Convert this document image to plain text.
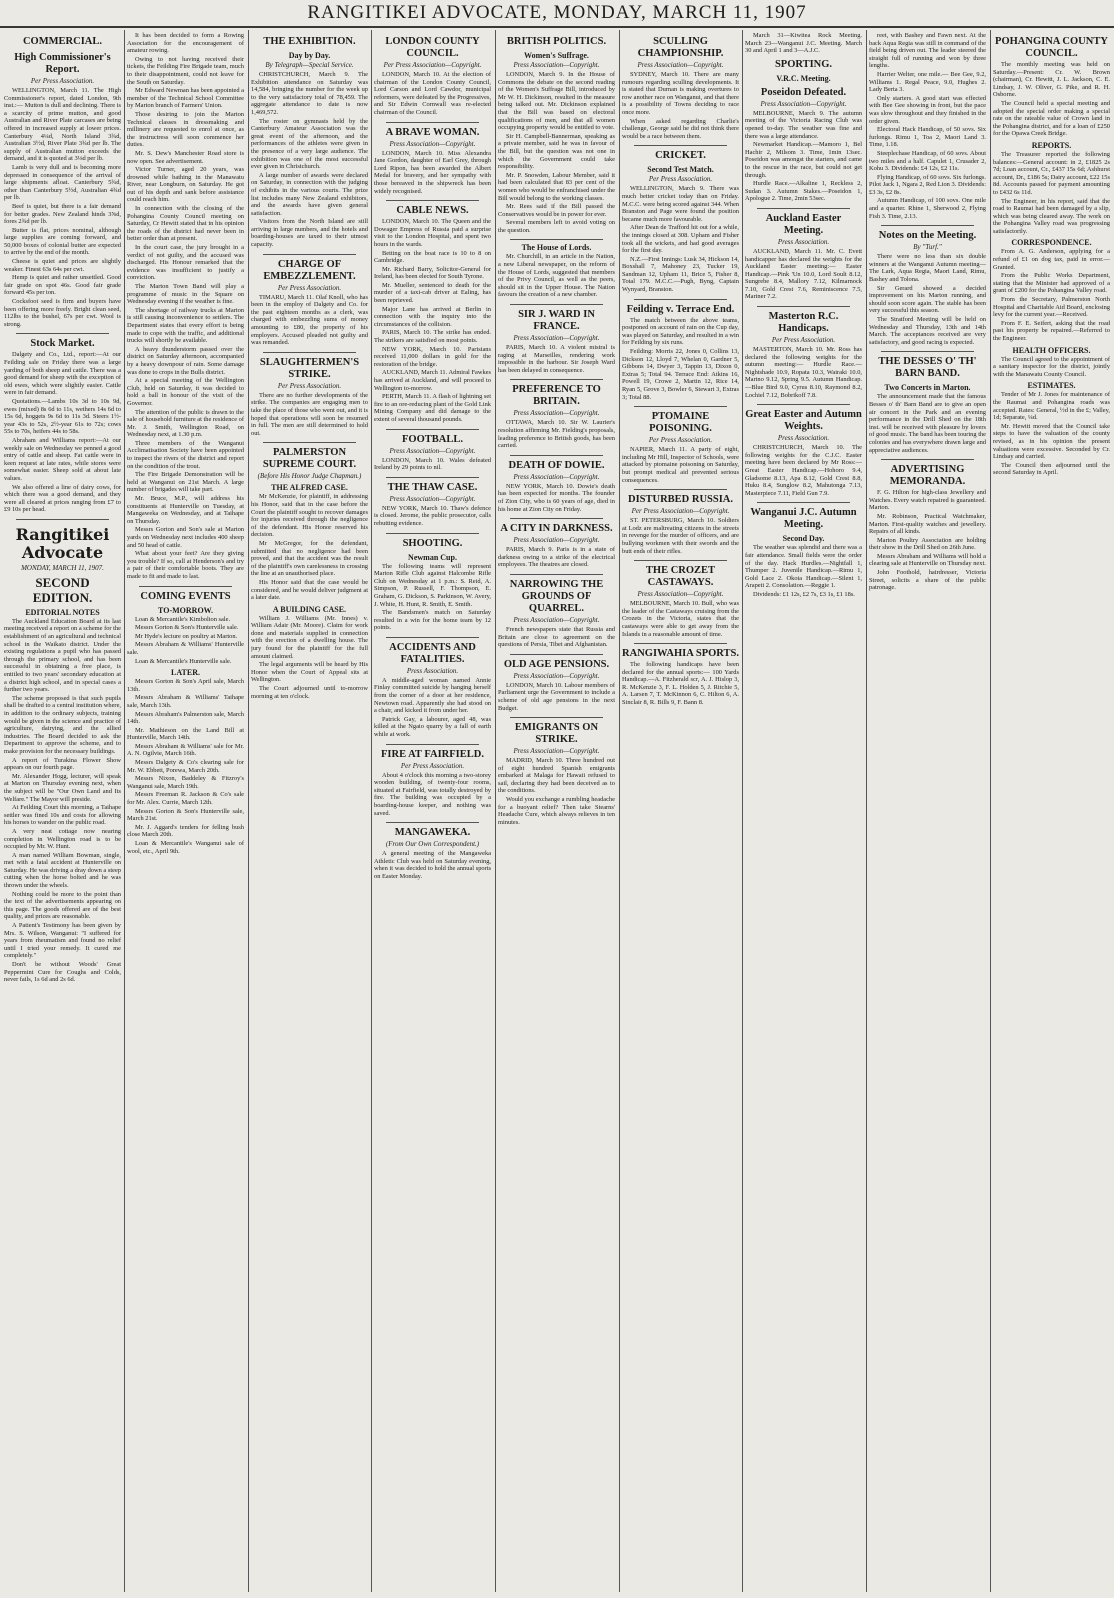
RANGITIKEI ADVOCATE, MONDAY, MARCH 11, 1907
COMMERCIAL.
High Commissioner's Report.
Per Press Association.
WELLINGTON, March 11. The High Commissioner's report, dated London, 9th inst.:— Mutton is dull and declining. There is a scarcity of prime mutton, and good Australian and River Plate carcases are being offered in increased supply at lower prices. Canterbury 4¼d, North Island 3¾d, Australian 3½d, River Plate 3¾d per lb. The supply of Australian mutton exceeds the demand, and it is quoted at 3⅛d per lb.
Lamb is very dull and is becoming more depressed in consequence of the arrival of large shipments afloat. Canterbury 5¾d, other than Canterbury 5½d, Australian 4¾d per lb.
Beef is quiet, but there is a fair demand for better grades. New Zealand hinds 3⅝d, fores 2¾d per lb.
Butter is flat, prices nominal, although large supplies are coming forward, and 50,000 boxes of colonial butter are expected to arrive by the end of the month.
Cheese is quiet and prices are slightly weaker. Finest 63s 64s per cwt.
Hemp is quiet and rather unsettled. Good fair grade on spot 46s. Good fair grade forward 45s per ton.
Cocksfoot seed is firm and buyers have been offering more freely. Bright clean seed, 112lbs to the bushel, 67s per cwt. Wool is strong.
Stock Market.
Dalgety and Co., Ltd., report:—At our Feilding sale on Friday there was a large yarding of both sheep and cattle. There was a good demand for sheep with the exception of old ewes, which were slightly easier. Cattle were in fair demand.
Quotations.—Lambs 10s 3d to 10s 9d, ewes (mixed) 8s 6d to 11s, wethers 14s 6d to 15s 6d, hoggets 9s 6d to 11s 3d. Steers 1½-year 43s to 52s, 2½-year 61s to 72s; cows 55s to 70s, heifers 44s to 58s.
Abraham and Williams report:—At our weekly sale on Wednesday we penned a good entry of cattle and sheep. Fat cattle were in keen request at late rates, while stores were somewhat easier. Sheep sold at about late values.
We also offered a line of dairy cows, for which there was a good demand, and they were all cleared at prices ranging from £7 to £9 10s per head.
Rangitikei Advocate
MONDAY, MARCH 11, 1907.
SECOND EDITION.
EDITORIAL NOTES
The Auckland Education Board at its last meeting received a report on a scheme for the establishment of an agricultural and technical school in the Waikato district. Under the existing regulations a pupil who has passed through the primary school, and has been successful in obtaining a free place, is entitled to two years' secondary education at a district high school, and in special cases a further two years.
The scheme proposed is that such pupils shall be drafted to a central institution where, in addition to the ordinary subjects, training would be given in the science and practice of agriculture, dairying, and the allied industries. The Board decided to ask the Department to approve the scheme, and to make provision for the necessary buildings.
A report of Turakina Flower Show appears on our fourth page.
Mr. Alexander Hogg, lecturer, will speak at Marton on Thursday evening next, when the subject will be "Our Own Land and Its Welfare." The Mayor will preside.
At Feilding Court this morning, a Taihape settler was fined 10s and costs for allowing his horses to wander on the public road.
A very neat cottage now nearing completion in Wellington road is to be occupied by Mr. W. Hunt.
A man named William Bowman, single, met with a fatal accident at Hunterville on Saturday. He was driving a dray down a steep cutting when the horse bolted and he was thrown under the wheels.
Nothing could be more to the point than the text of the advertisements appearing on this page. The goods offered are of the best quality, and prices are reasonable.
A Patient's Testimony has been given by Mrs. S. Wilson, Wanganui: "I suffered for years from rheumatism and found no relief until I tried your remedy. It cured me completely."
Don't be without Woods' Great Peppermint Cure for Coughs and Colds, never fails, 1s 6d and 2s 6d.
It has been decided to form a Rowing Association for the encouragement of amateur rowing.
Owing to not having received their tickets, the Feilding Fire Brigade team, much to their disappointment, could not leave for the South on Saturday.
Mr Edward Newman has been appointed a member of the Technical School Committee by Marton branch of Farmers' Union.
Those desiring to join the Marton Technical classes in dressmaking and millinery are requested to enrol at once, as the instructress will soon commence her duties.
Mr. S. Dew's Manchester Road store is now open. See advertisement.
Victor Turner, aged 20 years, was drowned while bathing in the Manawatu River, near Longburn, on Saturday. He got out of his depth and sank before assistance could reach him.
In connection with the closing of the Pohangina County Council meeting on Saturday, Cr Hewitt stated that in his opinion the roads of the district had never been in better order than at present.
In the court case, the jury brought in a verdict of not guilty, and the accused was discharged. His Honour remarked that the evidence was insufficient to justify a conviction.
The Marton Town Band will play a programme of music in the Square on Wednesday evening if the weather is fine.
The shortage of railway trucks at Marton is still causing inconvenience to settlers. The Department states that every effort is being made to cope with the traffic, and additional trucks will shortly be available.
A heavy thunderstorm passed over the district on Saturday afternoon, accompanied by a heavy downpour of rain. Some damage was done to crops in the Bulls district.
At a special meeting of the Wellington Club, held on Saturday, it was decided to hold a ball in honour of the visit of the Governor.
The attention of the public is drawn to the sale of household furniture at the residence of Mr. J. Smith, Wellington Road, on Wednesday next, at 1.30 p.m.
Three members of the Wanganui Acclimatisation Society have been appointed to inspect the rivers of the district and report on the condition of the trout.
The Fire Brigade Demonstration will be held at Wanganui on 21st March. A large number of brigades will take part.
Mr. Bruce, M.P., will address his constituents at Hunterville on Tuesday, at Mangaweka on Wednesday, and at Taihape on Thursday.
Messrs Gorton and Son's sale at Marton yards on Wednesday next includes 400 sheep and 50 head of cattle.
What about your feet? Are they giving you trouble? If so, call at Henderson's and try a pair of their comfortable boots. They are made to fit and made to last.
COMING EVENTS
TO-MORROW.
Loan & Mercantile's Kimbolton sale.
Messrs Gorton & Son's Hunterville sale.
Mr Hyde's lecture on poultry at Marton.
Messrs Abraham & Williams' Hunterville sale.
Loan & Mercantile's Hunterville sale.
LATER.
Messrs Gorton & Son's April sale, March 13th.
Messrs Abraham & Williams' Taihape sale, March 13th.
Messrs Abraham's Palmerston sale, March 14th.
Mr. Mathieson on the Land Bill at Hunterville, March 14th.
Messrs Abraham & Williams' sale for Mr. A. N. Ogilvie, March 16th.
Messrs Dalgety & Co's clearing sale for Mr. W. Ebbett, Porewa, March 20th.
Messrs Nixon, Baddeley & Fitzroy's Wanganui sale, March 19th.
Messrs Freeman R. Jackson & Co's sale for Mr. Alex. Currie, March 12th.
Messrs Gorton & Son's Hunterville sale, March 21st.
Mr. J. Aggard's tenders for felling bush close March 20th.
Loan & Mercantile's Wanganui sale of wool, etc., April 9th.
THE EXHIBITION.
Day by Day.
By Telegraph—Special Service.
CHRISTCHURCH, March 9. The Exhibition attendance on Saturday was 14,584, bringing the number for the week up to the very satisfactory total of 78,459. The aggregate attendance to date is now 1,469,572.
The roster on gymnasts held by the Canterbury Amateur Association was the great event of the afternoon, and the performances of the athletes were given in the presence of a very large audience. The exhibition was one of the most successful ever given in Christchurch.
A large number of awards were declared on Saturday, in connection with the judging of exhibits in the various courts. The prize list includes many New Zealand exhibitors, and the awards have given general satisfaction.
Visitors from the North Island are still arriving in large numbers, and the hotels and boarding-houses are taxed to their utmost capacity.
CHARGE OF EMBEZZLEMENT.
Per Press Association.
TIMARU, March 11. Olaf Knoll, who has been in the employ of Dalgety and Co. for the past eighteen months as a clerk, was charged with embezzling sums of money amounting to £80, the property of his employers. Accused pleaded not guilty and was remanded.
SLAUGHTERMEN'S STRIKE.
Per Press Association.
There are no further developments of the strike. The companies are engaging men to take the place of those who went out, and it is hoped that operations will soon be resumed in full. The men are still determined to hold out.
PALMERSTON SUPREME COURT.
(Before His Honor Judge Chapman.)
THE ALFRED CASE.
Mr McKenzie, for plaintiff, in addressing his Honor, said that in the case before the Court the plaintiff sought to recover damages for injuries received through the negligence of the defendant. His Honor reserved his decision.
Mr McGregor, for the defendant, submitted that no negligence had been proved, and that the accident was the result of the plaintiff's own carelessness in crossing the line at an unauthorised place.
His Honor said that the case would be considered, and he would deliver judgment at a later date.
A BUILDING CASE.
William J. Williams (Mr. Innes) v. William Adair (Mr. Moore). Claim for work done and materials supplied in connection with the erection of a dwelling house. The jury found for the plaintiff for the full amount claimed.
The legal arguments will be heard by His Honor when the Court of Appeal sits at Wellington.
The Court adjourned until to-morrow morning at ten o'clock.
LONDON COUNTY COUNCIL.
Per Press Association—Copyright.
LONDON, March 10. At the election of chairman of the London County Council, Lord Carson and Lord Cawdor, municipal reformers, were defeated by the Progressives, and Sir Edwin Cornwall was re-elected chairman of the Council.
A BRAVE WOMAN.
Press Association—Copyright.
LONDON, March 10. Miss Alexandra Jane Gordon, daughter of Earl Grey, through Lord Ripon, has been awarded the Albert Medal for bravery, and her sympathy with those bereaved in the shipwreck has been widely recognised.
CABLE NEWS.
LONDON, March 10. The Queen and the Dowager Empress of Russia paid a surprise visit to the London Hospital, and spent two hours in the wards.
Betting on the boat race is 10 to 8 on Cambridge.
Mr. Richard Barry, Solicitor-General for Ireland, has been elected for South Tyrone.
Mr. Mueller, sentenced to death for the murder of a taxi-cab driver at Ealing, has been reprieved.
Major Lane has arrived at Berlin in connection with the inquiry into the circumstances of the collision.
PARIS, March 10. The strike has ended. The strikers are satisfied on most points.
NEW YORK, March 10. Parisians received 11,000 dollars in gold for the restoration of the bridge.
AUCKLAND, March 11. Admiral Fawkes has arrived at Auckland, and will proceed to Wellington to-morrow.
PERTH, March 11. A flash of lightning set fire to an ore-reducing plant of the Gold Link Mining Company and did damage to the extent of several thousand pounds.
FOOTBALL.
Press Association—Copyright.
LONDON, March 10. Wales defeated Ireland by 29 points to nil.
THE THAW CASE.
Press Association—Copyright.
NEW YORK, March 10. Thaw's defence is closed. Jerome, the public prosecutor, calls rebutting evidence.
SHOOTING.
Newman Cup.
The following teams will represent Marton Rifle Club against Halcombe Rifle Club on Wednesday at 1 p.m.: S. Reid, A. Simpson, P. Russell, F. Thompson, E. Graham, G. Dickson, S. Parkinson, W. Avery, J. White, H. Hunt, R. Smith, E. Smith.
The Bandsmen's match on Saturday resulted in a win for the home team by 12 points.
ACCIDENTS AND FATALITIES.
Press Association.
A middle-aged woman named Annie Finlay committed suicide by hanging herself from the corner of a door at her residence, Newtown road. Apparently she had stood on a chair, and kicked it from under her.
Patrick Gay, a labourer, aged 48, was killed at the Ngaio quarry by a fall of earth while at work.
FIRE AT FAIRFIELD.
Per Press Association.
About 4 o'clock this morning a two-storey wooden building, of twenty-four rooms, situated at Fairfield, was totally destroyed by fire. The building was occupied by a boarding-house keeper, and nothing was saved.
MANGAWEKA.
(From Our Own Correspondent.)
A general meeting of the Mangaweka Athletic Club was held on Saturday evening, when it was decided to hold the annual sports on Easter Monday.
BRITISH POLITICS.
Women's Suffrage.
Press Association—Copyright.
LONDON, March 9. In the House of Commons the debate on the second reading of the Women's Suffrage Bill, introduced by Mr W. H. Dickinson, resulted in the measure being talked out. Mr. Dickinson explained that the Bill was based on electoral qualifications of men, and that all women occupying property would be entitled to vote.
Sir H. Campbell-Bannerman, speaking as a private member, said he was in favour of the Bill, but the question was not one in which the Government could take responsibility.
Mr. P. Snowden, Labour Member, said it had been calculated that 83 per cent of the women who would be enfranchised under the Bill would belong to the working classes.
Mr. Rees said if the Bill passed the Conservatives would be in power for ever.
Several members left to avoid voting on the question.
The House of Lords.
Mr. Churchill, in an article in the Nation, a new Liberal newspaper, on the reform of the House of Lords, suggested that members of the Privy Council, as well as the peers, should sit in the Upper House. The Nation favours the creation of a new chamber.
SIR J. WARD IN FRANCE.
Press Association—Copyright.
PARIS, March 10. A violent mistral is raging at Marseilles, rendering work impossible in the harbour. Sir Joseph Ward has been delayed in consequence.
PREFERENCE TO BRITAIN.
Press Association—Copyright.
OTTAWA, March 10. Sir W. Laurier's resolution affirming Mr. Fielding's proposals, leading preference to British goods, has been carried.
DEATH OF DOWIE.
Press Association—Copyright.
NEW YORK, March 10. Dowie's death has been expected for months. The founder of Zion City, who is 60 years of age, died in his home at Zion City on Friday.
A CITY IN DARKNESS.
Press Association—Copyright.
PARIS, March 9. Paris is in a state of darkness owing to a strike of the electrical employees. The theatres are closed.
NARROWING THE GROUNDS OF QUARREL.
Press Association—Copyright.
French newspapers state that Russia and Britain are close to agreement on the questions of Persia, Tibet and Afghanistan.
OLD AGE PENSIONS.
Press Association—Copyright.
LONDON, March 10. Labour members of Parliament urge the Government to include a scheme of old age pensions in the next Budget.
EMIGRANTS ON STRIKE.
Press Association—Copyright.
MADRID, March 10. Three hundred out of eight hundred Spanish emigrants embarked at Malaga for Hawaii refused to sail, declaring they had been deceived as to the conditions.
Would you exchange a rumbling headache for a buoyant relief? Then take Stearns' Headache Cure, which always relieves in ten minutes.
SCULLING CHAMPIONSHIP.
Press Association—Copyright.
SYDNEY, March 10. There are many rumours regarding sculling developments. It is stated that Durnan is making overtures to row another race on Wanganui, and that there is a possibility of Towns deciding to race once more.
When asked regarding Charlie's challenge, George said he did not think there would be a race between them.
CRICKET.
Second Test Match.
Per Press Association.
WELLINGTON, March 9. There was much better cricket today than on Friday. M.C.C. were being scored against 344. When Branston and Page were found the position became much more favourable.
After Dean de Trafford hit out for a while, the innings closed at 308. Upham and Fisher took all the wickets, and had good averages for the first day.
N.Z.—First Innings: Lusk 34, Hickson 14, Boxshall 7, Mahoney 23, Tucker 19, Sandman 12, Upham 11, Brice 5, Fisher 8, Total 179. M.C.C.—Pugh, Byng, Captain Wynyard, Branston.
Feilding v. Terrace End.
The match between the above teams, postponed on account of rain on the Cup day, was played on Saturday, and resulted in a win for Feilding by six runs.
Feilding: Morris 22, Jones 0, Collins 13, Dickson 12, Lloyd 7, Whelan 0, Gardner 5, Gibbons 14, Dwyer 3, Tappin 13, Dixon 0, Extras 5; Total 94. Terrace End: Atkins 16, Powell 19, Crowe 2, Martin 12, Rice 14, Ryan 5, Grove 3, Bowler 6, Stewart 3, Extras 3; Total 88.
PTOMAINE POISONING.
Per Press Association.
NAPIER, March 11. A party of eight, including Mr Hill, Inspector of Schools, were attacked by ptomaine poisoning on Saturday, but prompt medical aid prevented serious consequences.
DISTURBED RUSSIA.
Per Press Association—Copyright.
ST. PETERSBURG, March 10. Soldiers at Lodz are maltreating citizens in the streets in revenge for the murder of officers, and are bullying workmen with their swords and the butt ends of their rifles.
THE CROZET CASTAWAYS.
Press Association—Copyright.
MELBOURNE, March 10. Bull, who was the leader of the Castaways cruising from the Crozets in the Victoria, states that the castaways were able to get away from the Islands in a reasonable amount of time.
RANGIWAHIA SPORTS.
The following handicaps have been declared for the annual sports:— 100 Yards Handicap.—A. Fitzherald scr, A. J. Hislop 3, R. McKenzie 3, F. L. Holden 5, J. Ritchie 5, A. Larsen 7, T. McKinnon 6, C. Hilton 6, A. Sinclair 8, R. Bills 9, F. Bann 8.
March 31—Kiwitea Rock Meeting. March 23—Wanganui J.C. Meeting. March 30 and April 1 and 3—A.J.C.
SPORTING.
V.R.C. Meeting.
Poseidon Defeated.
Press Association—Copyright.
MELBOURNE, March 9. The autumn meeting of the Victoria Racing Club was opened to-day. The weather was fine and there was a large attendance.
Newmarket Handicap.—Mamoro 1, Bel Hachir 2, Milsom 3. Time, 1min 13sec. Poseidon was amongst the starters, and came to the rescue in the race, but could not get through.
Hurdle Race.—Alkaline 1, Reckless 2, Sudan 3. Autumn Stakes.—Poseidon 1, Apologue 2. Time, 2min 53sec.
Auckland Easter Meeting.
Press Association.
AUCKLAND, March 11. Mr. C. Evett handicapper has declared the weights for the Auckland Easter meeting:— Easter Handicap.—Pink 'Un 10.0, Lord Soult 8.12, Sungrebe 8.4, Mallory 7.12, Kilmarnock 7.10, Gold Crest 7.6, Reminiscence 7.5, Mariner 7.2.
Masterton R.C. Handicaps.
Per Press Association.
MASTERTON, March 10. Mr. Ross has declared the following weights for the autumn meeting:— Hurdle Race.—Nightshade 10.9, Ropata 10.3, Wairaki 10.0, Marino 9.12, Spring 9.5. Autumn Handicap.—Blue Bird 9.0, Cyrus 8.10, Raymond 8.2, Lochiel 7.12, Bobrikoff 7.8.
Great Easter and Autumn Weights.
Press Association.
CHRISTCHURCH, March 10. The following weights for the C.J.C. Easter meeting have been declared by Mr Ross:— Great Easter Handicap.—Hohoro 9.4, Gladsome 8.13, Apa 8.12, Gold Crest 8.8, Huku 8.4, Sunglow 8.2, Mahutonga 7.13, Masterpiece 7.11, Field Gun 7.9.
Wanganui J.C. Autumn Meeting.
Second Day.
The weather was splendid and there was a fair attendance. Small fields were the order of the day. Hack Hurdles.—Nightfall 1, Thumper 2. Juvenile Handicap.—Rimu 1, Gold Lace 2. Okoia Handicap.—Silent 1, Arapeti 2. Consolation.—Reggie 1.
Dividends: £1 12s, £2 7s, £3 1s, £1 18s.
reet, with Bashey and Fawn next. At the back Aqua Regia was still in command of the field being driven out. The leader steered the straight full of running and won by three lengths.
Harrier Welter, one mile.— Bee Gee, 9.2, Williams 1. Regal Peace, 9.0, Hughes 2. Lady Berta 3.
Only starters. A good start was effected with Bee Gee showing in front, but the pace was slow throughout and they finished in the order given.
Electoral Hack Handicap, of 50 sovs. Six furlongs. Rimu 1, Toa 2, Maori Land 3. Time, 1.18.
Steeplechase Handicap, of 60 sovs. About two miles and a half. Capulet 1, Crusader 2, Kohu 3. Dividends: £4 12s, £2 11s.
Flying Handicap, of 60 sovs. Six furlongs. Pilot Jack 1, Ngara 2, Red Lion 3. Dividends: £3 3s, £2 8s.
Autumn Handicap, of 100 sovs. One mile and a quarter. Rhine 1, Sherwood 2, Flying Fish 3. Time, 2.13.
Notes on the Meeting.
By "Turf."
There were no less than six double winners at the Wanganui Autumn meeting—The Lark, Aqua Regia, Maori Land, Rimu, Bashey and Tolona.
Sir Gerard showed a decided improvement on his Marton running, and should soon score again. The stable has been very successful this season.
The Stratford Meeting will be held on Wednesday and Thursday, 13th and 14th March. The acceptances received are very satisfactory, and good racing is expected.
THE DESSES O' TH' BARN BAND.
Two Concerts in Marton.
The announcement made that the famous Besses o' th' Barn Band are to give an open air concert in the Park and an evening performance in the Drill Shed on the 18th inst. will be received with pleasure by lovers of good music. The band has been touring the colonies and has everywhere drawn large and appreciative audiences.
ADVERTISING MEMORANDA.
F. G. Hilton for high-class Jewellery and Watches. Every watch repaired is guaranteed. Marton.
Mr. Robinson, Practical Watchmaker, Marton. First-quality watches and jewellery. Repairs of all kinds.
Marton Poultry Association are holding their show in the Drill Shed on 26th June.
Messrs Abraham and Williams will hold a clearing sale at Hunterville on Thursday next.
John Foothold, hairdresser, Victoria Street, solicits a share of the public patronage.
POHANGINA COUNTY COUNCIL.
The monthly meeting was held on Saturday.—Present: Cr. W. Brown (chairman), Cr. Hewitt, J. L. Jackson, C. E. Lindsay, J. W. Oliver, G. Pike, and R. H. Osborne.
The Council held a special meeting and adopted the special order making a special rate on the rateable value of Crown land in the Pohangina district, and for a loan of £250 for the Opawa Creek Bridge.
REPORTS.
The Treasurer reported the following balances:—General account: in 2, £1825 2s 7d; Loan account, Cr., £437 15s 6d; Ashhurst account, Dr., £186 5s; Dairy account, £22 15s 8d. Accounts passed for payment amounting to £432 6s 11d.
The Engineer, in his report, said that the road to Raumai had been damaged by a slip, which was being cleared away. The work on the Pohangina Valley road was progressing satisfactorily.
CORRESPONDENCE.
From A. G. Anderson, applying for a refund of £1 on dog tax, paid in error.—Granted.
From the Public Works Department, stating that the Minister had approved of a grant of £200 for the Pohangina Valley road.
From the Secretary, Palmerston North Hospital and Charitable Aid Board, enclosing levy for the current year.—Received.
From F. E. Seifert, asking that the road past his property be repaired.—Referred to the Engineer.
HEALTH OFFICERS.
The Council agreed to the appointment of a sanitary inspector for the district, jointly with the Manawatu County Council.
ESTIMATES.
Tender of Mr J. Jones for maintenance of the Raumai and Pohangina roads was accepted. Rates: General, ½d in the £; Valley, 1d; Separate, ¼d.
Mr. Hewitt moved that the Council take steps to have the valuation of the county revised, as in his opinion the present valuations were excessive. Seconded by Cr. Lindsay and carried.
The Council then adjourned until the second Saturday in April.
